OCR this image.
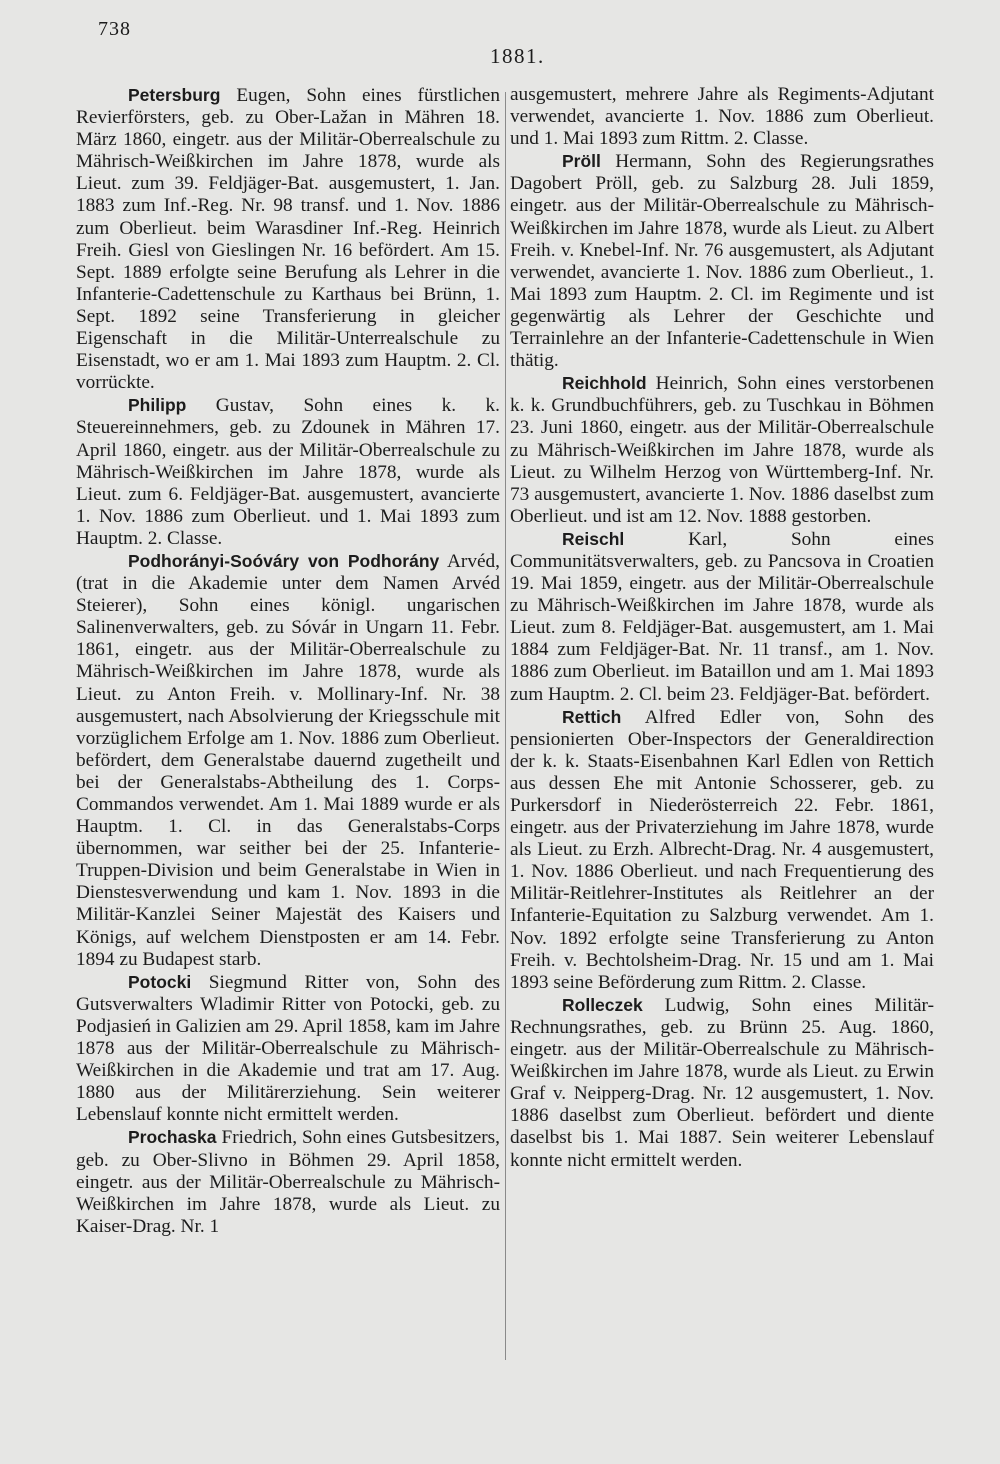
738
1881.

Petersburg Eugen, Sohn eines fürstlichen Revierförsters, geb. zu Ober-Lažan in Mähren 18. März 1860, eingetr. aus der Militär-Oberrealschule zu Mährisch-Weißkirchen im Jahre 1878, wurde als Lieut. zum 39. Feldjäger-Bat. ausgemustert, 1. Jan. 1883 zum Inf.-Reg. Nr. 98 transf. und 1. Nov. 1886 zum Oberlieut. beim Warasdiner Inf.-Reg. Heinrich Freih. Giesl von Gieslingen Nr. 16 befördert. Am 15. Sept. 1889 erfolgte seine Berufung als Lehrer in die Infanterie-Cadettenschule zu Karthaus bei Brünn, 1. Sept. 1892 seine Transferierung in gleicher Eigenschaft in die Militär-Unterrealschule zu Eisenstadt, wo er am 1. Mai 1893 zum Hauptm. 2. Cl. vorrückte.

Philipp Gustav, Sohn eines k. k. Steuereinnehmers, geb. zu Zdounek in Mähren 17. April 1860, eingetr. aus der Militär-Oberrealschule zu Mährisch-Weißkirchen im Jahre 1878, wurde als Lieut. zum 6. Feldjäger-Bat. ausgemustert, avancierte 1. Nov. 1886 zum Oberlieut. und 1. Mai 1893 zum Hauptm. 2. Classe.

Podhorányi-Soóváry von Podhorány Arvéd, (trat in die Akademie unter dem Namen Arvéd Steierer), Sohn eines königl. ungarischen Salinenverwalters, geb. zu Sóvár in Ungarn 11. Febr. 1861, eingetr. aus der Militär-Oberrealschule zu Mährisch-Weißkirchen im Jahre 1878, wurde als Lieut. zu Anton Freih. v. Mollinary-Inf. Nr. 38 ausgemustert, nach Absolvierung der Kriegsschule mit vorzüglichem Erfolge am 1. Nov. 1886 zum Oberlieut. befördert, dem Generalstabe dauernd zugetheilt und bei der Generalstabs-Abtheilung des 1. Corps-Commandos verwendet. Am 1. Mai 1889 wurde er als Hauptm. 1. Cl. in das Generalstabs-Corps übernommen, war seither bei der 25. Infanterie-Truppen-Division und beim Generalstabe in Wien in Dienstesverwendung und kam 1. Nov. 1893 in die Militär-Kanzlei Seiner Majestät des Kaisers und Königs, auf welchem Dienstposten er am 14. Febr. 1894 zu Budapest starb.

Potocki Siegmund Ritter von, Sohn des Gutsverwalters Wladimir Ritter von Potocki, geb. zu Podjasień in Galizien am 29. April 1858, kam im Jahre 1878 aus der Militär-Oberrealschule zu Mährisch-Weißkirchen in die Akademie und trat am 17. Aug. 1880 aus der Militärerziehung. Sein weiterer Lebenslauf konnte nicht ermittelt werden.

Prochaska Friedrich, Sohn eines Gutsbesitzers, geb. zu Ober-Slivno in Böhmen 29. April 1858, eingetr. aus der Militär-Oberrealschule zu Mährisch-Weißkirchen im Jahre 1878, wurde als Lieut. zu Kaiser-Drag. Nr. 1

ausgemustert, mehrere Jahre als Regiments-Adjutant verwendet, avancierte 1. Nov. 1886 zum Oberlieut. und 1. Mai 1893 zum Rittm. 2. Classe.

Pröll Hermann, Sohn des Regierungsrathes Dagobert Pröll, geb. zu Salzburg 28. Juli 1859, eingetr. aus der Militär-Oberrealschule zu Mährisch-Weißkirchen im Jahre 1878, wurde als Lieut. zu Albert Freih. v. Knebel-Inf. Nr. 76 ausgemustert, als Adjutant verwendet, avancierte 1. Nov. 1886 zum Oberlieut., 1. Mai 1893 zum Hauptm. 2. Cl. im Regimente und ist gegenwärtig als Lehrer der Geschichte und Terrainlehre an der Infanterie-Cadettenschule in Wien thätig.

Reichhold Heinrich, Sohn eines verstorbenen k. k. Grundbuchführers, geb. zu Tuschkau in Böhmen 23. Juni 1860, eingetr. aus der Militär-Oberrealschule zu Mährisch-Weißkirchen im Jahre 1878, wurde als Lieut. zu Wilhelm Herzog von Württemberg-Inf. Nr. 73 ausgemustert, avancierte 1. Nov. 1886 daselbst zum Oberlieut. und ist am 12. Nov. 1888 gestorben.

Reischl	Karl, Sohn eines Communitätsverwalters, geb. zu Pancsova in Croatien 19. Mai 1859, eingetr. aus der Militär-Oberrealschule zu Mährisch-Weißkirchen im Jahre 1878, wurde als Lieut. zum 8. Feldjäger-Bat. ausgemustert, am 1. Mai 1884 zum Feldjäger-Bat. Nr. 11 transf., am 1. Nov. 1886 zum Oberlieut. im Bataillon und am 1. Mai 1893 zum Hauptm. 2. Cl. beim 23. Feldjäger-Bat. befördert.

Rettich Alfred Edler von, Sohn des pensionierten Ober-Inspectors der Generaldirection der k. k. Staats-Eisenbahnen Karl Edlen von Rettich aus dessen Ehe mit Antonie Schosserer, geb. zu Purkersdorf in Niederösterreich 22. Febr. 1861, eingetr. aus der Privaterziehung im Jahre 1878, wurde als Lieut. zu Erzh. Albrecht-Drag. Nr. 4 ausgemustert, 1. Nov. 1886 Oberlieut. und nach Frequentierung des Militär-Reitlehrer-Institutes als Reitlehrer an der Infanterie-Equitation zu Salzburg verwendet. Am 1. Nov. 1892 erfolgte seine Transferierung zu Anton Freih. v. Bechtolsheim-Drag. Nr. 15 und am 1. Mai 1893 seine Beförderung zum Rittm. 2. Classe.

Rolleczek Ludwig, Sohn eines Militär-Rechnungsrathes, geb. zu Brünn 25. Aug. 1860, eingetr. aus der Militär-Oberrealschule zu Mährisch-Weißkirchen im Jahre 1878, wurde als Lieut. zu Erwin Graf v. Neipperg-Drag. Nr. 12 ausgemustert, 1. Nov. 1886 daselbst zum Oberlieut. befördert und diente daselbst bis 1. Mai 1887. Sein weiterer Lebenslauf konnte nicht ermittelt werden.
